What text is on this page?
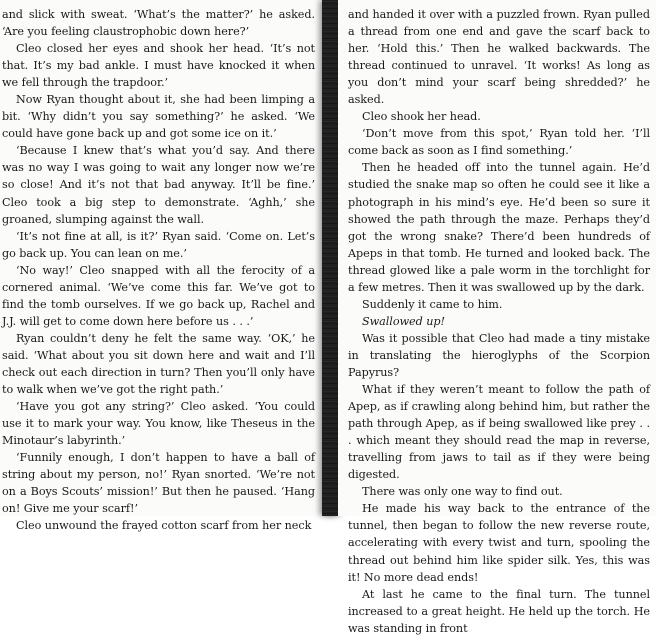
and slick with sweat. ‘What’s the matter?’ he asked. ‘Are you feeling claustrophobic down here?’

Cleo closed her eyes and shook her head. ‘It’s not that. It’s my bad ankle. I must have knocked it when we fell through the trapdoor.’

Now Ryan thought about it, she had been limping a bit. ‘Why didn’t you say something?’ he asked. ‘We could have gone back up and got some ice on it.’

‘Because I knew that’s what you’d say. And there was no way I was going to wait any longer now we’re so close! And it’s not that bad anyway. It’ll be fine.’ Cleo took a big step to demonstrate. ‘Aghh,’ she groaned, slumping against the wall.

‘It’s not fine at all, is it?’ Ryan said. ‘Come on. Let’s go back up. You can lean on me.’

‘No way!’ Cleo snapped with all the ferocity of a cornered animal. ‘We’ve come this far. We’ve got to find the tomb ourselves. If we go back up, Rachel and J.J. will get to come down here before us . . .’

Ryan couldn’t deny he felt the same way. ‘OK,’ he said. ‘What about you sit down here and wait and I’ll check out each direction in turn? Then you’ll only have to walk when we’ve got the right path.’

‘Have you got any string?’ Cleo asked. ‘You could use it to mark your way. You know, like Theseus in the Minotaur’s labyrinth.’

‘Funnily enough, I don’t happen to have a ball of string about my person, no!’ Ryan snorted. ‘We’re not on a Boys Scouts’ mission!’ But then he paused. ‘Hang on! Give me your scarf!’

Cleo unwound the frayed cotton scarf from her neck

and handed it over with a puzzled frown. Ryan pulled a thread from one end and gave the scarf back to her. ‘Hold this.’ Then he walked backwards. The thread continued to unravel. ‘It works! As long as you don’t mind your scarf being shredded?’ he asked.

Cleo shook her head.

‘Don’t move from this spot,’ Ryan told her. ‘I’ll come back as soon as I find something.’

Then he headed off into the tunnel again. He’d studied the snake map so often he could see it like a photograph in his mind’s eye. He’d been so sure it showed the path through the maze. Perhaps they’d got the wrong snake? There’d been hundreds of Apeps in that tomb. He turned and looked back. The thread glowed like a pale worm in the torchlight for a few metres. Then it was swallowed up by the dark.

Suddenly it came to him.

Swallowed up!

Was it possible that Cleo had made a tiny mistake in translating the hieroglyphs of the Scorpion Papyrus?

What if they weren’t meant to follow the path of Apep, as if crawling along behind him, but rather the path through Apep, as if being swallowed like prey . . . which meant they should read the map in reverse, travelling from jaws to tail as if they were being digested.

There was only one way to find out.

He made his way back to the entrance of the tunnel, then began to follow the new reverse route, accelerating with every twist and turn, spooling the thread out behind him like spider silk. Yes, this was it! No more dead ends!

At last he came to the final turn. The tunnel increased to a great height. He held up the torch. He was standing in front
